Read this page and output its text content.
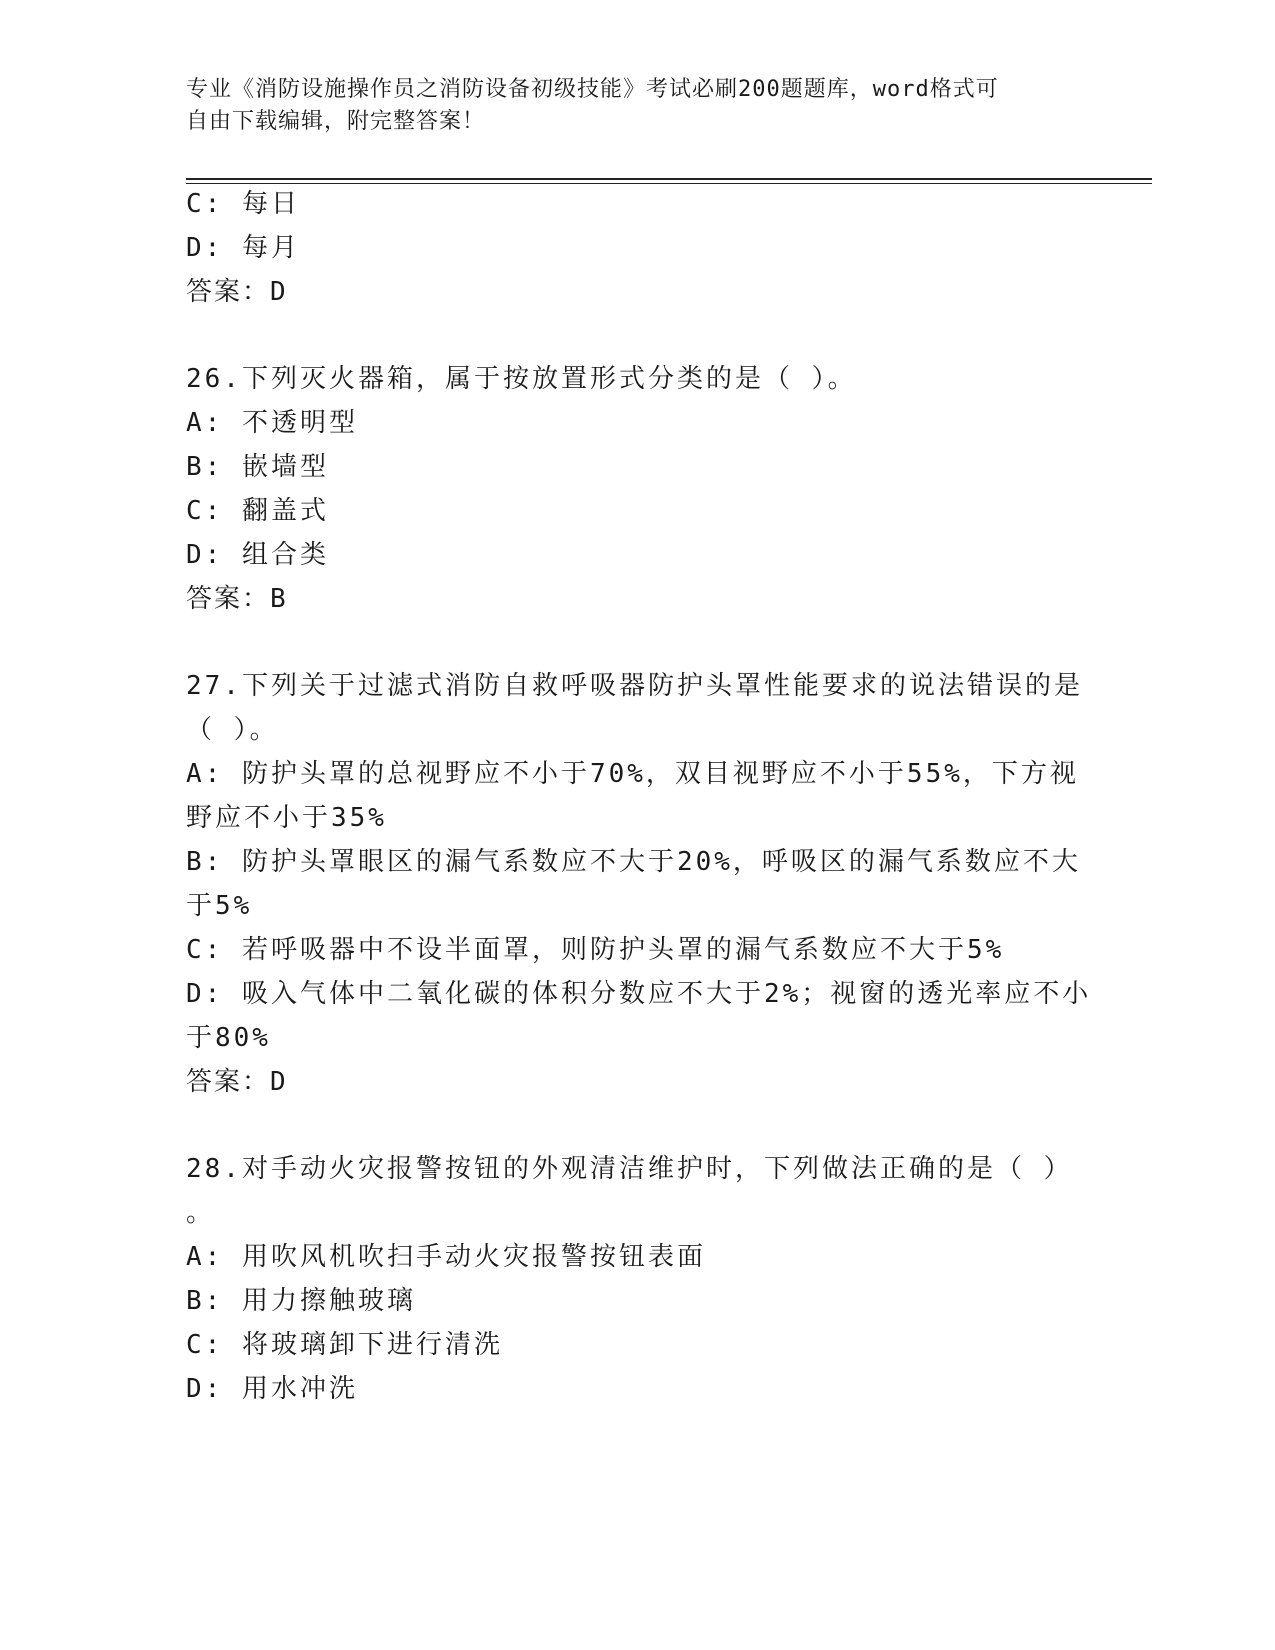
专业《消防设施操作员之消防设备初级技能》考试必刷200题题库，word格式可
自由下载编辑，附完整答案！
C: 每日
D: 每月
答案：D
26.下列灭火器箱，属于按放置形式分类的是（ ）。
A: 不透明型
B: 嵌墙型
C: 翻盖式
D: 组合类
答案：B
27.下列关于过滤式消防自救呼吸器防护头罩性能要求的说法错误的是
（ ）。
A: 防护头罩的总视野应不小于70%，双目视野应不小于55%，下方视
野应不小于35%
B: 防护头罩眼区的漏气系数应不大于20%，呼吸区的漏气系数应不大
于5%
C: 若呼吸器中不设半面罩，则防护头罩的漏气系数应不大于5%
D: 吸入气体中二氧化碳的体积分数应不大于2%；视窗的透光率应不小
于80%
答案：D
28.对手动火灾报警按钮的外观清洁维护时，下列做法正确的是（ ）
。
A: 用吹风机吹扫手动火灾报警按钮表面
B: 用力擦触玻璃
C: 将玻璃卸下进行清洗
D: 用水冲洗
